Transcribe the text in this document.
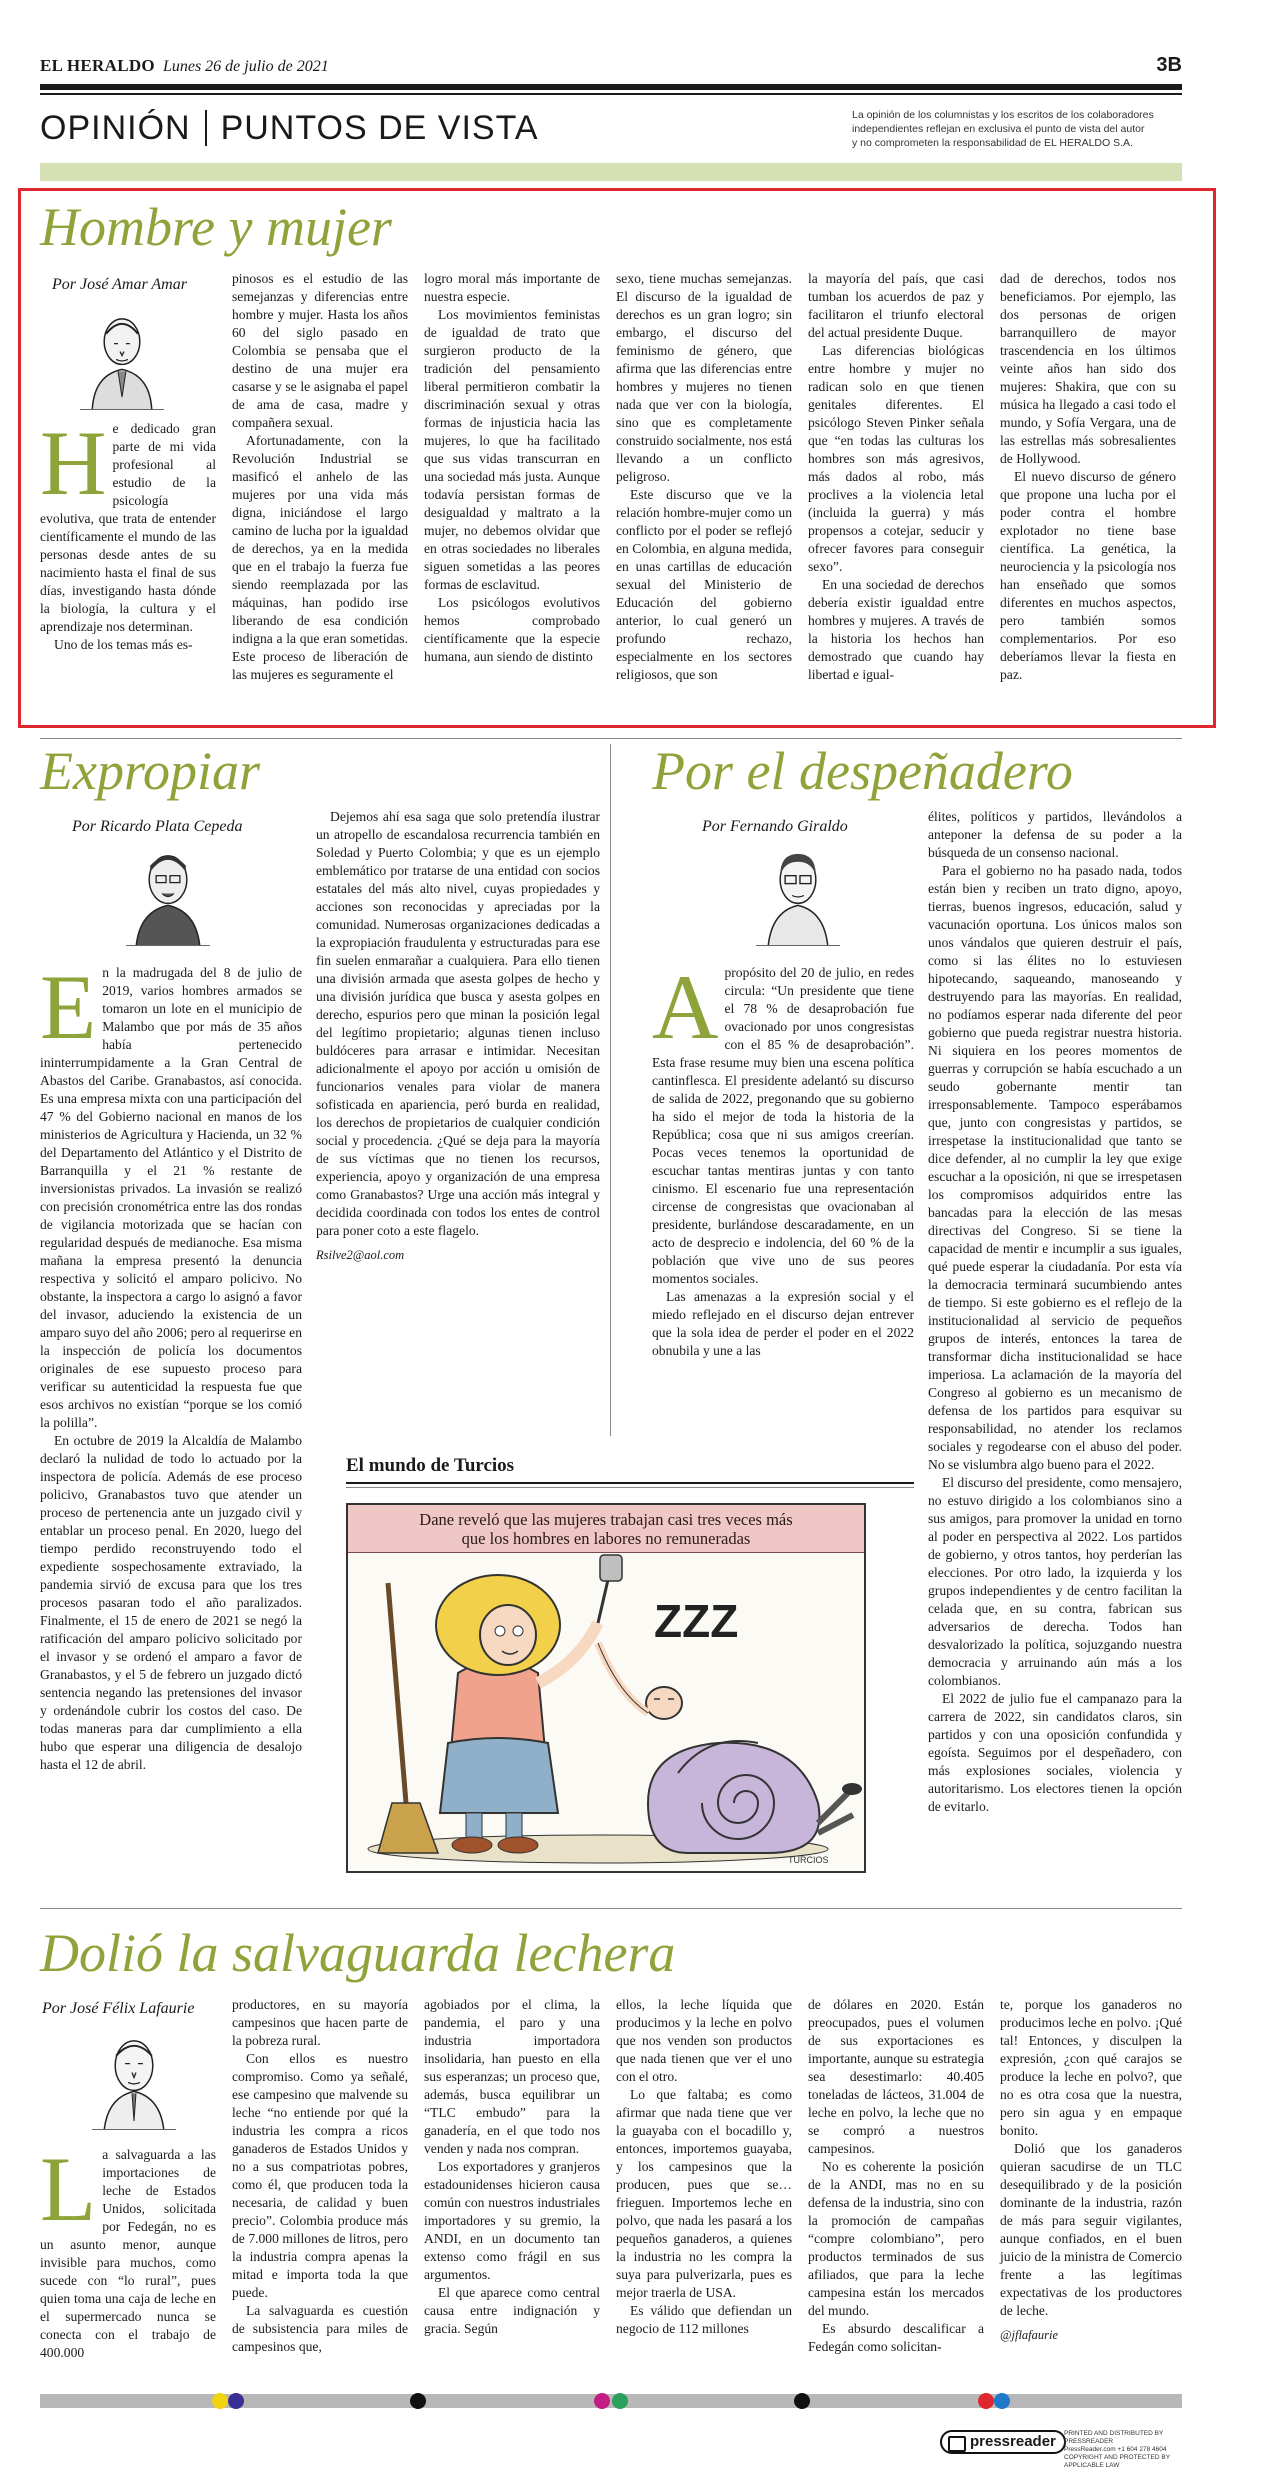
EL HERALDO Lunes 26 de julio de 2021	3B
OPINIÓN PUNTOS DE VISTA	La opinión de los columnistas y los escritos de los colaboradores
independientes reflejan en exclusiva el punto de vista del autor
y no comprometen la responsabilidad de EL HERALDO S.A.
Hombre y mujer
Por José Amar Amar
H e dedicado gran parte de mi vida profesional al estudio de la psicología evolutiva, que trata de entender científicamente el mundo de las personas desde antes de su nacimiento hasta el final de sus días, investigando hasta dónde la biología, la cultura y el aprendizaje nos determinan.

Uno de los temas más es-

pinosos es el estudio de las semejanzas y diferencias entre hombre y mujer. Hasta los años 60 del siglo pasado en Colombia se pensaba que el destino de una mujer era casarse y se le asignaba el papel de ama de casa, madre y compañera sexual.

Afortunadamente, con la Revolución Industrial se masificó el anhelo de las mujeres por una vida más digna, iniciándose el largo camino de lucha por la igualdad de derechos, ya en la medida que en el trabajo la fuerza fue siendo reemplazada por las máquinas, han podido irse liberando de esa condición indigna a la que eran sometidas. Este proceso de liberación de las mujeres es seguramente el

logro moral más importante de nuestra especie.

Los movimientos feministas de igualdad de trato que surgieron producto de la tradición del pensamiento liberal permitieron combatir la discriminación sexual y otras formas de injusticia hacia las mujeres, lo que ha facilitado que sus vidas transcurran en una sociedad más justa. Aunque todavía persistan formas de desigualdad y maltrato a la mujer, no debemos olvidar que en otras sociedades no liberales siguen sometidas a las peores formas de esclavitud.

Los psicólogos evolutivos hemos comprobado científicamente que la especie humana, aun siendo de distinto

sexo, tiene muchas semejanzas. El discurso de la igualdad de derechos es un gran logro; sin embargo, el discurso del feminismo de género, que afirma que las diferencias entre hombres y mujeres no tienen nada que ver con la biología, sino que es completamente construido socialmente, nos está llevando a un conflicto peligroso.

Este discurso que ve la relación hombre-mujer como un conflicto por el poder se reflejó en Colombia, en alguna medida, en unas cartillas de educación sexual del Ministerio de Educación del gobierno anterior, lo cual generó un profundo rechazo, especialmente en los sectores religiosos, que son

la mayoría del país, que casi tumban los acuerdos de paz y facilitaron el triunfo electoral del actual presidente Duque.

Las diferencias biológicas entre hombre y mujer no radican solo en que tienen genitales diferentes. El psicólogo Steven Pinker señala que “en todas las culturas los hombres son más agresivos, más dados al robo, más proclives a la violencia letal (incluida la guerra) y más propensos a cotejar, seducir y ofrecer favores para conseguir sexo”.

En una sociedad de derechos debería existir igualdad entre hombres y mujeres. A través de la historia los hechos han demostrado que cuando hay libertad e igual-

dad de derechos, todos nos beneficiamos. Por ejemplo, las dos personas de origen barranquillero de mayor trascendencia en los últimos veinte años han sido dos mujeres: Shakira, que con su música ha llegado a casi todo el mundo, y Sofía Vergara, una de las estrellas más sobresalientes de Hollywood.

El nuevo discurso de género que propone una lucha por el poder contra el hombre explotador no tiene base científica. La genética, la neurociencia y la psicología nos han enseñado que somos diferentes en muchos aspectos, pero también somos complementarios. Por eso deberíamos llevar la fiesta en paz.

Expropiar
Por Ricardo Plata Cepeda
E n la madrugada del 8 de julio de 2019, varios hombres armados se tomaron un lote en el municipio de Malambo que por más de 35 años había pertenecido ininterrumpidamente a la Gran Central de Abastos del Caribe. Granabastos, así conocida. Es una empresa mixta con una participación del 47 % del Gobierno nacional en manos de los ministerios de Agricultura y Hacienda, un 32 % del Departamento del Atlántico y el Distrito de Barranquilla y el 21 % restante de inversionistas privados. La invasión se realizó con precisión cronométrica entre las dos rondas de vigilancia motorizada que se hacían con regularidad después de medianoche. Esa misma mañana la empresa presentó la denuncia respectiva y solicitó el amparo policivo. No obstante, la inspectora a cargo lo asignó a favor del invasor, aduciendo la existencia de un amparo suyo del año 2006; pero al requerirse en la inspección de policía los documentos originales de ese supuesto proceso para verificar su autenticidad la respuesta fue que esos archivos no existían “porque se los comió la polilla”.

En octubre de 2019 la Alcaldía de Malambo declaró la nulidad de todo lo actuado por la inspectora de policía. Además de ese proceso policivo, Granabastos tuvo que atender un proceso de pertenencia ante un juzgado civil y entablar un proceso penal. En 2020, luego del tiempo perdido reconstruyendo todo el expediente sospechosamente extraviado, la pandemia sirvió de excusa para que los tres procesos pasaran todo el año paralizados. Finalmente, el 15 de enero de 2021 se negó la ratificación del amparo policivo solicitado por el invasor y se ordenó el amparo a favor de Granabastos, y el 5 de febrero un juzgado dictó sentencia negando las pretensiones del invasor y ordenándole cubrir los costos del caso. De todas maneras para dar cumplimiento a ella hubo que esperar una diligencia de desalojo hasta el 12 de abril.

Dejemos ahí esa saga que solo pretendía ilustrar un atropello de escandalosa recurrencia también en Soledad y Puerto Colombia; y que es un ejemplo emblemático por tratarse de una entidad con socios estatales del más alto nivel, cuyas propiedades y acciones son reconocidas y apreciadas por la comunidad. Numerosas organizaciones dedicadas a la expropiación fraudulenta y estructuradas para ese fin suelen enmarañar a cualquiera. Para ello tienen una división armada que asesta golpes de hecho y una división jurídica que busca y asesta golpes en derecho, espurios pero que minan la posición legal del legítimo propietario; algunas tienen incluso buldóceres para arrasar e intimidar. Necesitan adicionalmente el apoyo por acción u omisión de funcionarios venales para violar de manera sofisticada en apariencia, peró burda en realidad, los derechos de propietarios de cualquier condición social y procedencia. ¿Qué se deja para la mayoría de sus víctimas que no tienen los recursos, experiencia, apoyo y organización de una empresa como Granabastos? Urge una acción más integral y decidida coordinada con todos los entes de control para poner coto a este flagelo.

Rsilve2@aol.com
Por el despeñadero
Por Fernando Giraldo
A propósito del 20 de julio, en redes circula: “Un presidente que tiene el 78 % de desaprobación fue ovacionado por unos congresistas con el 85 % de desaprobación”. Esta frase resume muy bien una escena política cantinflesca. El presidente adelantó su discurso de salida de 2022, pregonando que su gobierno ha sido el mejor de toda la historia de la República; cosa que ni sus amigos creerían. Pocas veces tenemos la oportunidad de escuchar tantas mentiras juntas y con tanto cinismo. El escenario fue una representación circense de congresistas que ovacionaban al presidente, burlándose descaradamente, en un acto de desprecio e indolencia, del 60 % de la población que vive uno de sus peores momentos sociales.

Las amenazas a la expresión social y el miedo reflejado en el discurso dejan entrever que la sola idea de perder el poder en el 2022 obnubila y une a las

élites, políticos y partidos, llevándolos a anteponer la defensa de su poder a la búsqueda de un consenso nacional.

Para el gobierno no ha pasado nada, todos están bien y reciben un trato digno, apoyo, tierras, buenos ingresos, educación, salud y vacunación oportuna. Los únicos malos son unos vándalos que quieren destruir el país, como si las élites no lo estuviesen hipotecando, saqueando, manoseando y destruyendo para las mayorías. En realidad, no podíamos esperar nada diferente del peor gobierno que pueda registrar nuestra historia. Ni siquiera en los peores momentos de guerras y corrupción se había escuchado a un seudo gobernante mentir tan irresponsablemente. Tampoco esperábamos que, junto con congresistas y partidos, se irrespetase la institucionalidad que tanto se dice defender, al no cumplir la ley que exige escuchar a la oposición, ni que se irrespetasen los compromisos adquiridos entre las bancadas para la elección de las mesas directivas del Congreso. Si se tiene la capacidad de mentir e incumplir a sus iguales, qué puede esperar la ciudadanía. Por esta vía la democracia terminará sucumbiendo antes de tiempo. Si este gobierno es el reflejo de la institucionalidad al servicio de pequeños grupos de interés, entonces la tarea de transformar dicha institucionalidad se hace imperiosa. La aclamación de la mayoría del Congreso al gobierno es un mecanismo de defensa de los partidos para esquivar su responsabilidad, no atender los reclamos sociales y regodearse con el abuso del poder. No se vislumbra algo bueno para el 2022.

El discurso del presidente, como mensajero, no estuvo dirigido a los colombianos sino a sus amigos, para promover la unidad en torno al poder en perspectiva al 2022. Los partidos de gobierno, y otros tantos, hoy perderían las elecciones. Por otro lado, la izquierda y los grupos independientes y de centro facilitan la celada que, en su contra, fabrican sus adversarios de derecha. Todos han desvalorizado la política, sojuzgando nuestra democracia y arruinando aún más a los colombianos.

El 2022 de julio fue el campanazo para la carrera de 2022, sin candidatos claros, sin partidos y con una oposición confundida y egoísta. Seguimos por el despeñadero, con más explosiones sociales, violencia y autoritarismo. Los electores tienen la opción de evitarlo.

El mundo de Turcios
Dane reveló que las mujeres trabajan casi tres veces más
que los hombres en labores no remuneradas
ZZZ
TURCIOS
Dolió la salvaguarda lechera
Por José Félix Lafaurie
L a salvaguarda a las importaciones de leche de Estados Unidos, solicitada por Fedegán, no es un asunto menor, aunque invisible para muchos, como sucede con “lo rural”, pues quien toma una caja de leche en el supermercado nunca se conecta con el trabajo de 400.000

productores, en su mayoría campesinos que hacen parte de la pobreza rural.

Con ellos es nuestro compromiso. Como ya señalé, ese campesino que malvende su leche “no entiende por qué la industria les compra a ricos ganaderos de Estados Unidos y no a sus compatriotas pobres, como él, que producen toda la necesaria, de calidad y buen precio”. Colombia produce más de 7.000 millones de litros, pero la industria compra apenas la mitad e importa toda la que puede.

La salvaguarda es cuestión de subsistencia para miles de campesinos que,

agobiados por el clima, la pandemia, el paro y una industria importadora insolidaria, han puesto en ella sus esperanzas; un proceso que, además, busca equilibrar un “TLC embudo” para la ganadería, en el que todo nos venden y nada nos compran.

Los exportadores y granjeros estadounidenses hicieron causa común con nuestros industriales importadores y su gremio, la ANDI, en un documento tan extenso como frágil en sus argumentos.

El que aparece como central causa entre indignación y gracia. Según

ellos, la leche líquida que producimos y la leche en polvo que nos venden son productos que nada tienen que ver el uno con el otro.

Lo que faltaba; es como afirmar que nada tiene que ver la guayaba con el bocadillo y, entonces, importemos guayaba, y los campesinos que la producen, pues que se… frieguen. Importemos leche en polvo, que nada les pasará a los pequeños ganaderos, a quienes la industria no les compra la suya para pulverizarla, pues es mejor traerla de USA.

Es válido que defiendan un negocio de 112 millones

de dólares en 2020. Están preocupados, pues el volumen de sus exportaciones es importante, aunque su estrategia sea desestimarlo: 40.405 toneladas de lácteos, 31.004 de leche en polvo, la leche que no se compró a nuestros campesinos.

No es coherente la posición de la ANDI, mas no en su defensa de la industria, sino con la promoción de campañas “compre colombiano”, pero productos terminados de sus afiliados, que para la leche campesina están los mercados del mundo.

Es absurdo descalificar a Fedegán como solicitan-

te, porque los ganaderos no producimos leche en polvo. ¡Qué tal! Entonces, y disculpen la expresión, ¿con qué carajos se produce la leche en polvo?, que no es otra cosa que la nuestra, pero sin agua y en empaque bonito.

Dolió que los ganaderos quieran sacudirse de un TLC desequilibrado y de la posición dominante de la industria, razón de más para seguir vigilantes, aunque confiados, en el buen juicio de la ministra de Comercio frente a las legítimas expectativas de los productores de leche.

@jflafaurie
pressreader	PRINTED AND DISTRIBUTED BY PRESSREADER
PressReader.com +1 604 278 4604
COPYRIGHT AND PROTECTED BY APPLICABLE LAW
